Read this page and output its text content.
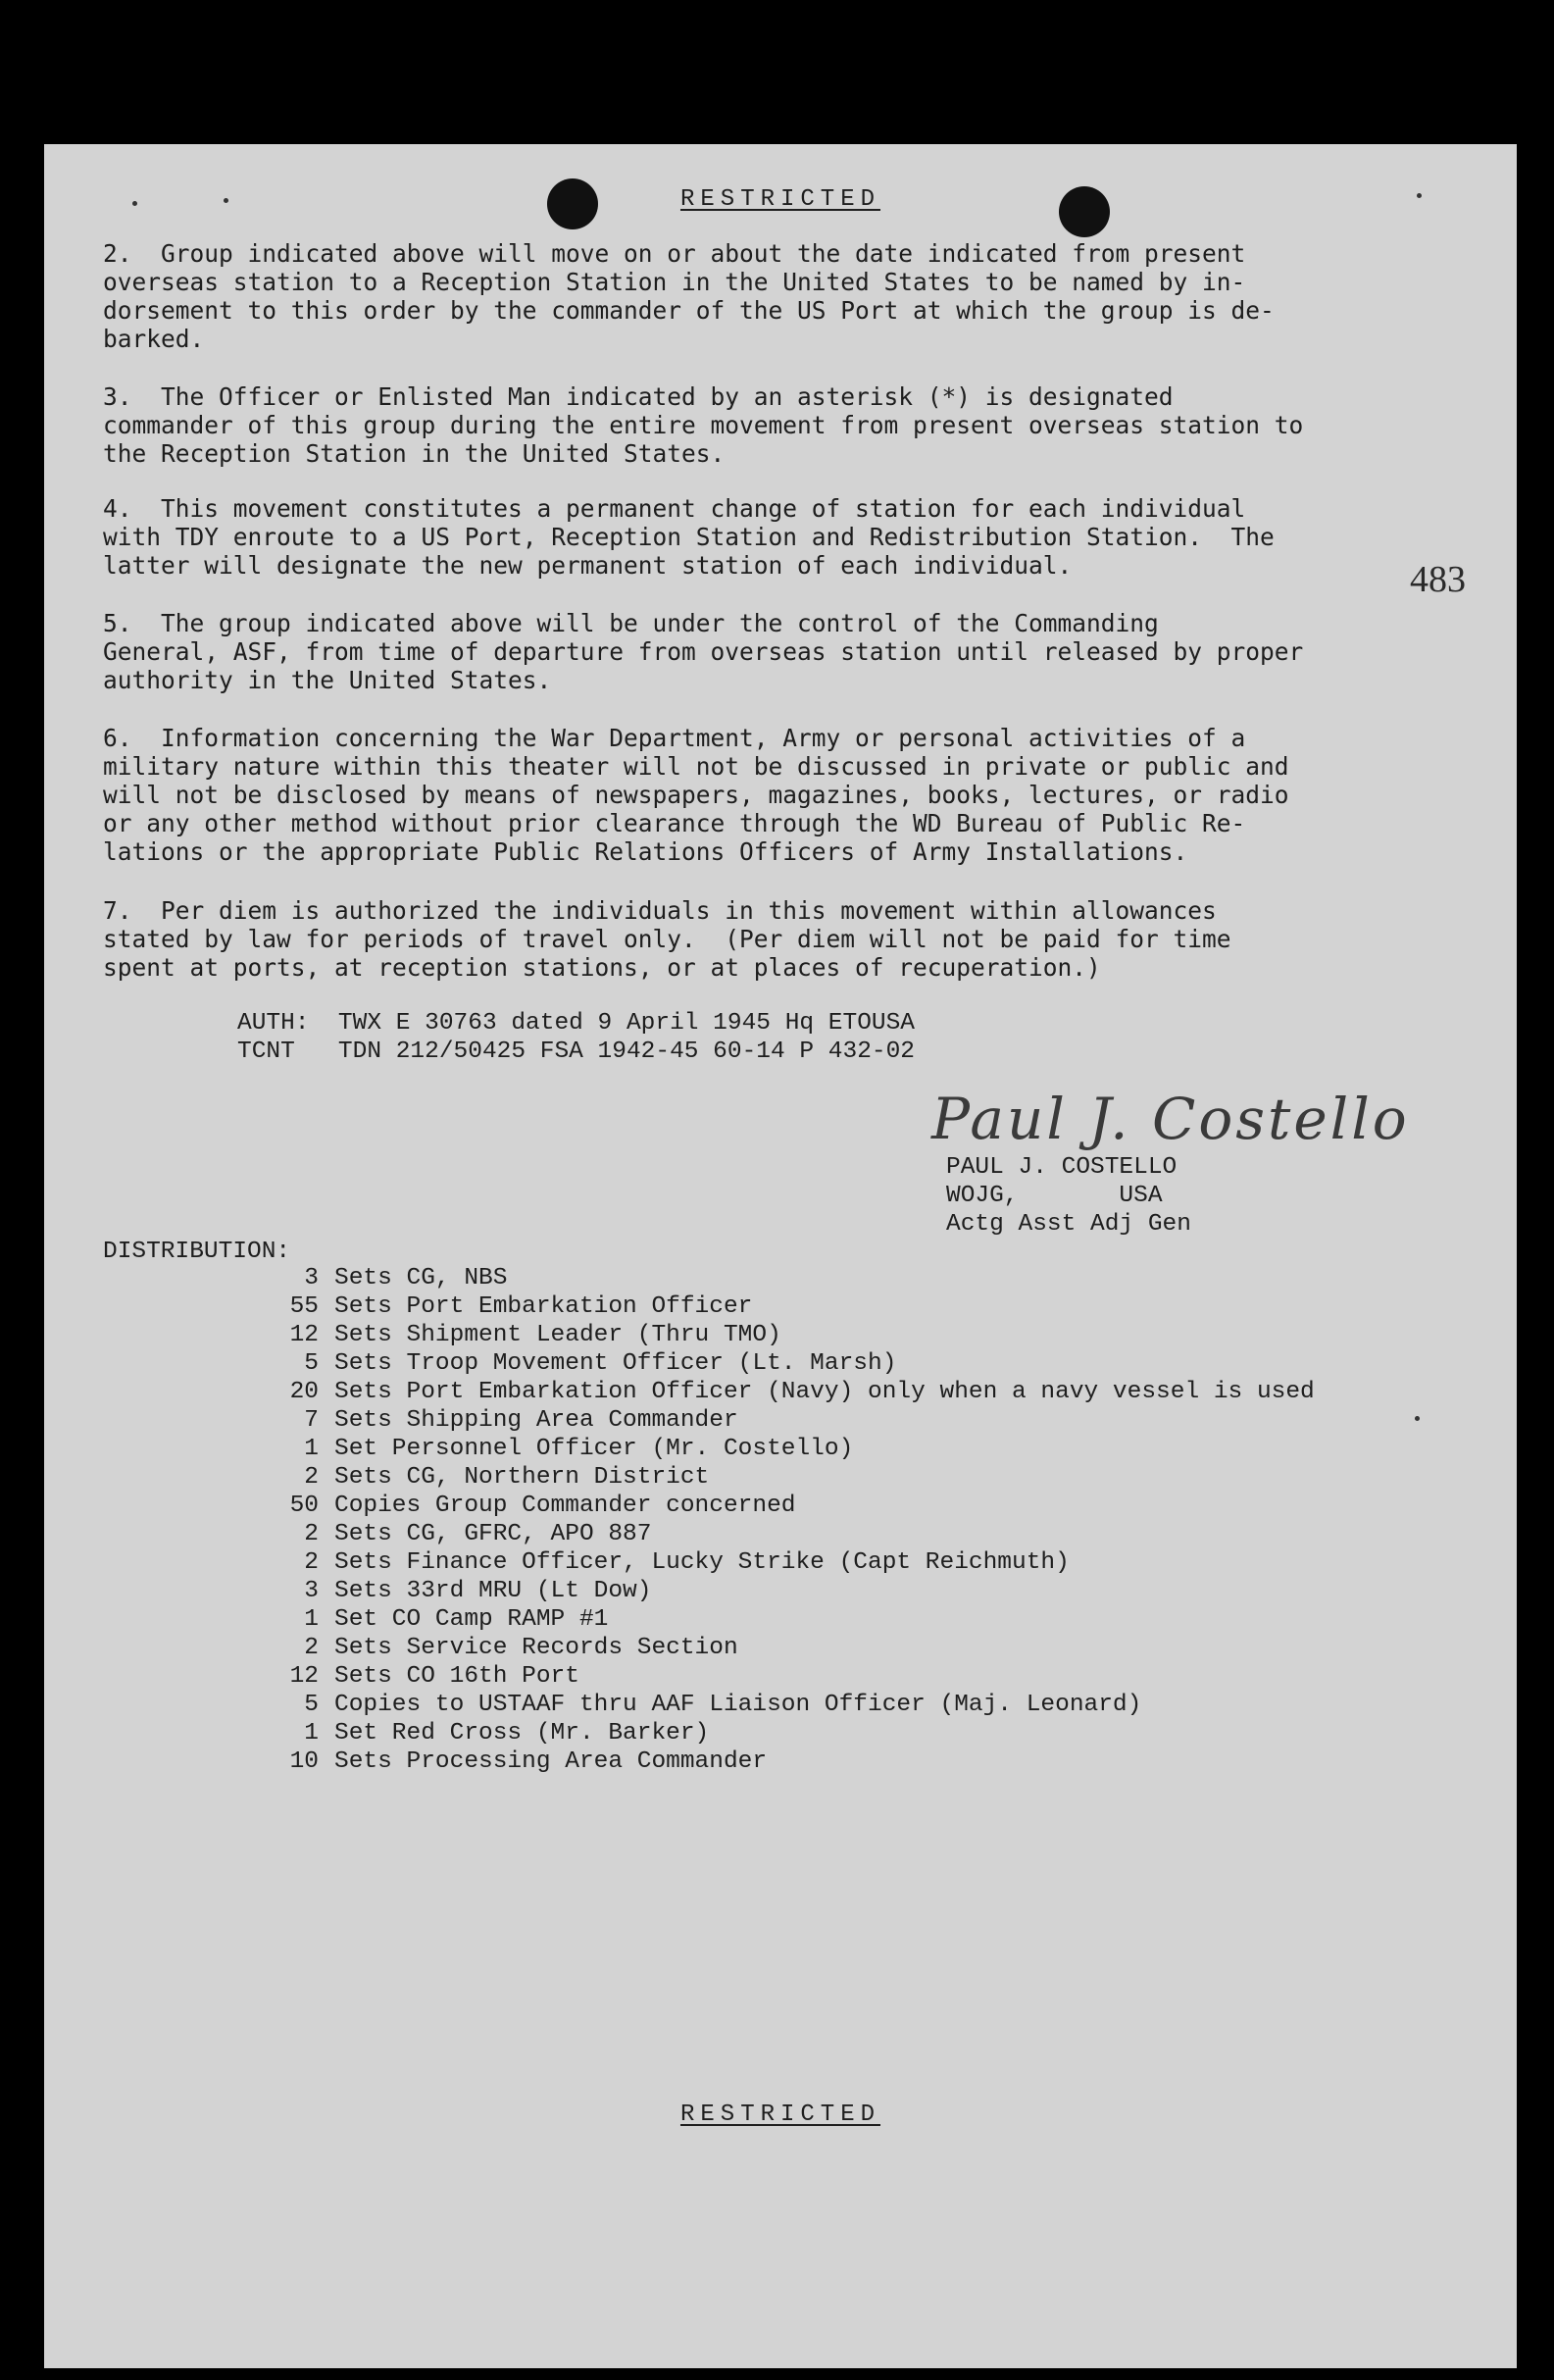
RESTRICTED
2.  Group indicated above will move on or about the date indicated from present
overseas station to a Reception Station in the United States to be named by in-
dorsement to this order by the commander of the US Port at which the group is de-
barked.
3.  The Officer or Enlisted Man indicated by an asterisk (*) is designated
commander of this group during the entire movement from present overseas station to
the Reception Station in the United States.
4.  This movement constitutes a permanent change of station for each individual
with TDY enroute to a US Port, Reception Station and Redistribution Station.  The
latter will designate the new permanent station of each individual.
5.  The group indicated above will be under the control of the Commanding
General, ASF, from time of departure from overseas station until released by proper
authority in the United States.
6.  Information concerning the War Department, Army or personal activities of a
military nature within this theater will not be discussed in private or public and
will not be disclosed by means of newspapers, magazines, books, lectures, or radio
or any other method without prior clearance through the WD Bureau of Public Re-
lations or the appropriate Public Relations Officers of Army Installations.
7.  Per diem is authorized the individuals in this movement within allowances
stated by law for periods of travel only.  (Per diem will not be paid for time
spent at ports, at reception stations, or at places of recuperation.)
483
AUTH:  TWX E 30763 dated 9 April 1945 Hq ETOUSA
TCNT   TDN 212/50425 FSA 1942-45 60-14 P 432-02
Paul J. Costello
PAUL J. COSTELLO
WOJG,       USA
Actg Asst Adj Gen
DISTRIBUTION:
3 Sets CG, NBS
55 Sets Port Embarkation Officer
12 Sets Shipment Leader (Thru TMO)
5 Sets Troop Movement Officer (Lt. Marsh)
20 Sets Port Embarkation Officer (Navy) only when a navy vessel is used
7 Sets Shipping Area Commander
1 Set Personnel Officer (Mr. Costello)
2 Sets CG, Northern District
50 Copies Group Commander concerned
2 Sets CG, GFRC, APO 887
2 Sets Finance Officer, Lucky Strike (Capt Reichmuth)
3 Sets 33rd MRU (Lt Dow)
1 Set CO Camp RAMP #1
2 Sets Service Records Section
12 Sets CO 16th Port
5 Copies to USTAAF thru AAF Liaison Officer (Maj. Leonard)
1 Set Red Cross (Mr. Barker)
10 Sets Processing Area Commander
RESTRICTED
